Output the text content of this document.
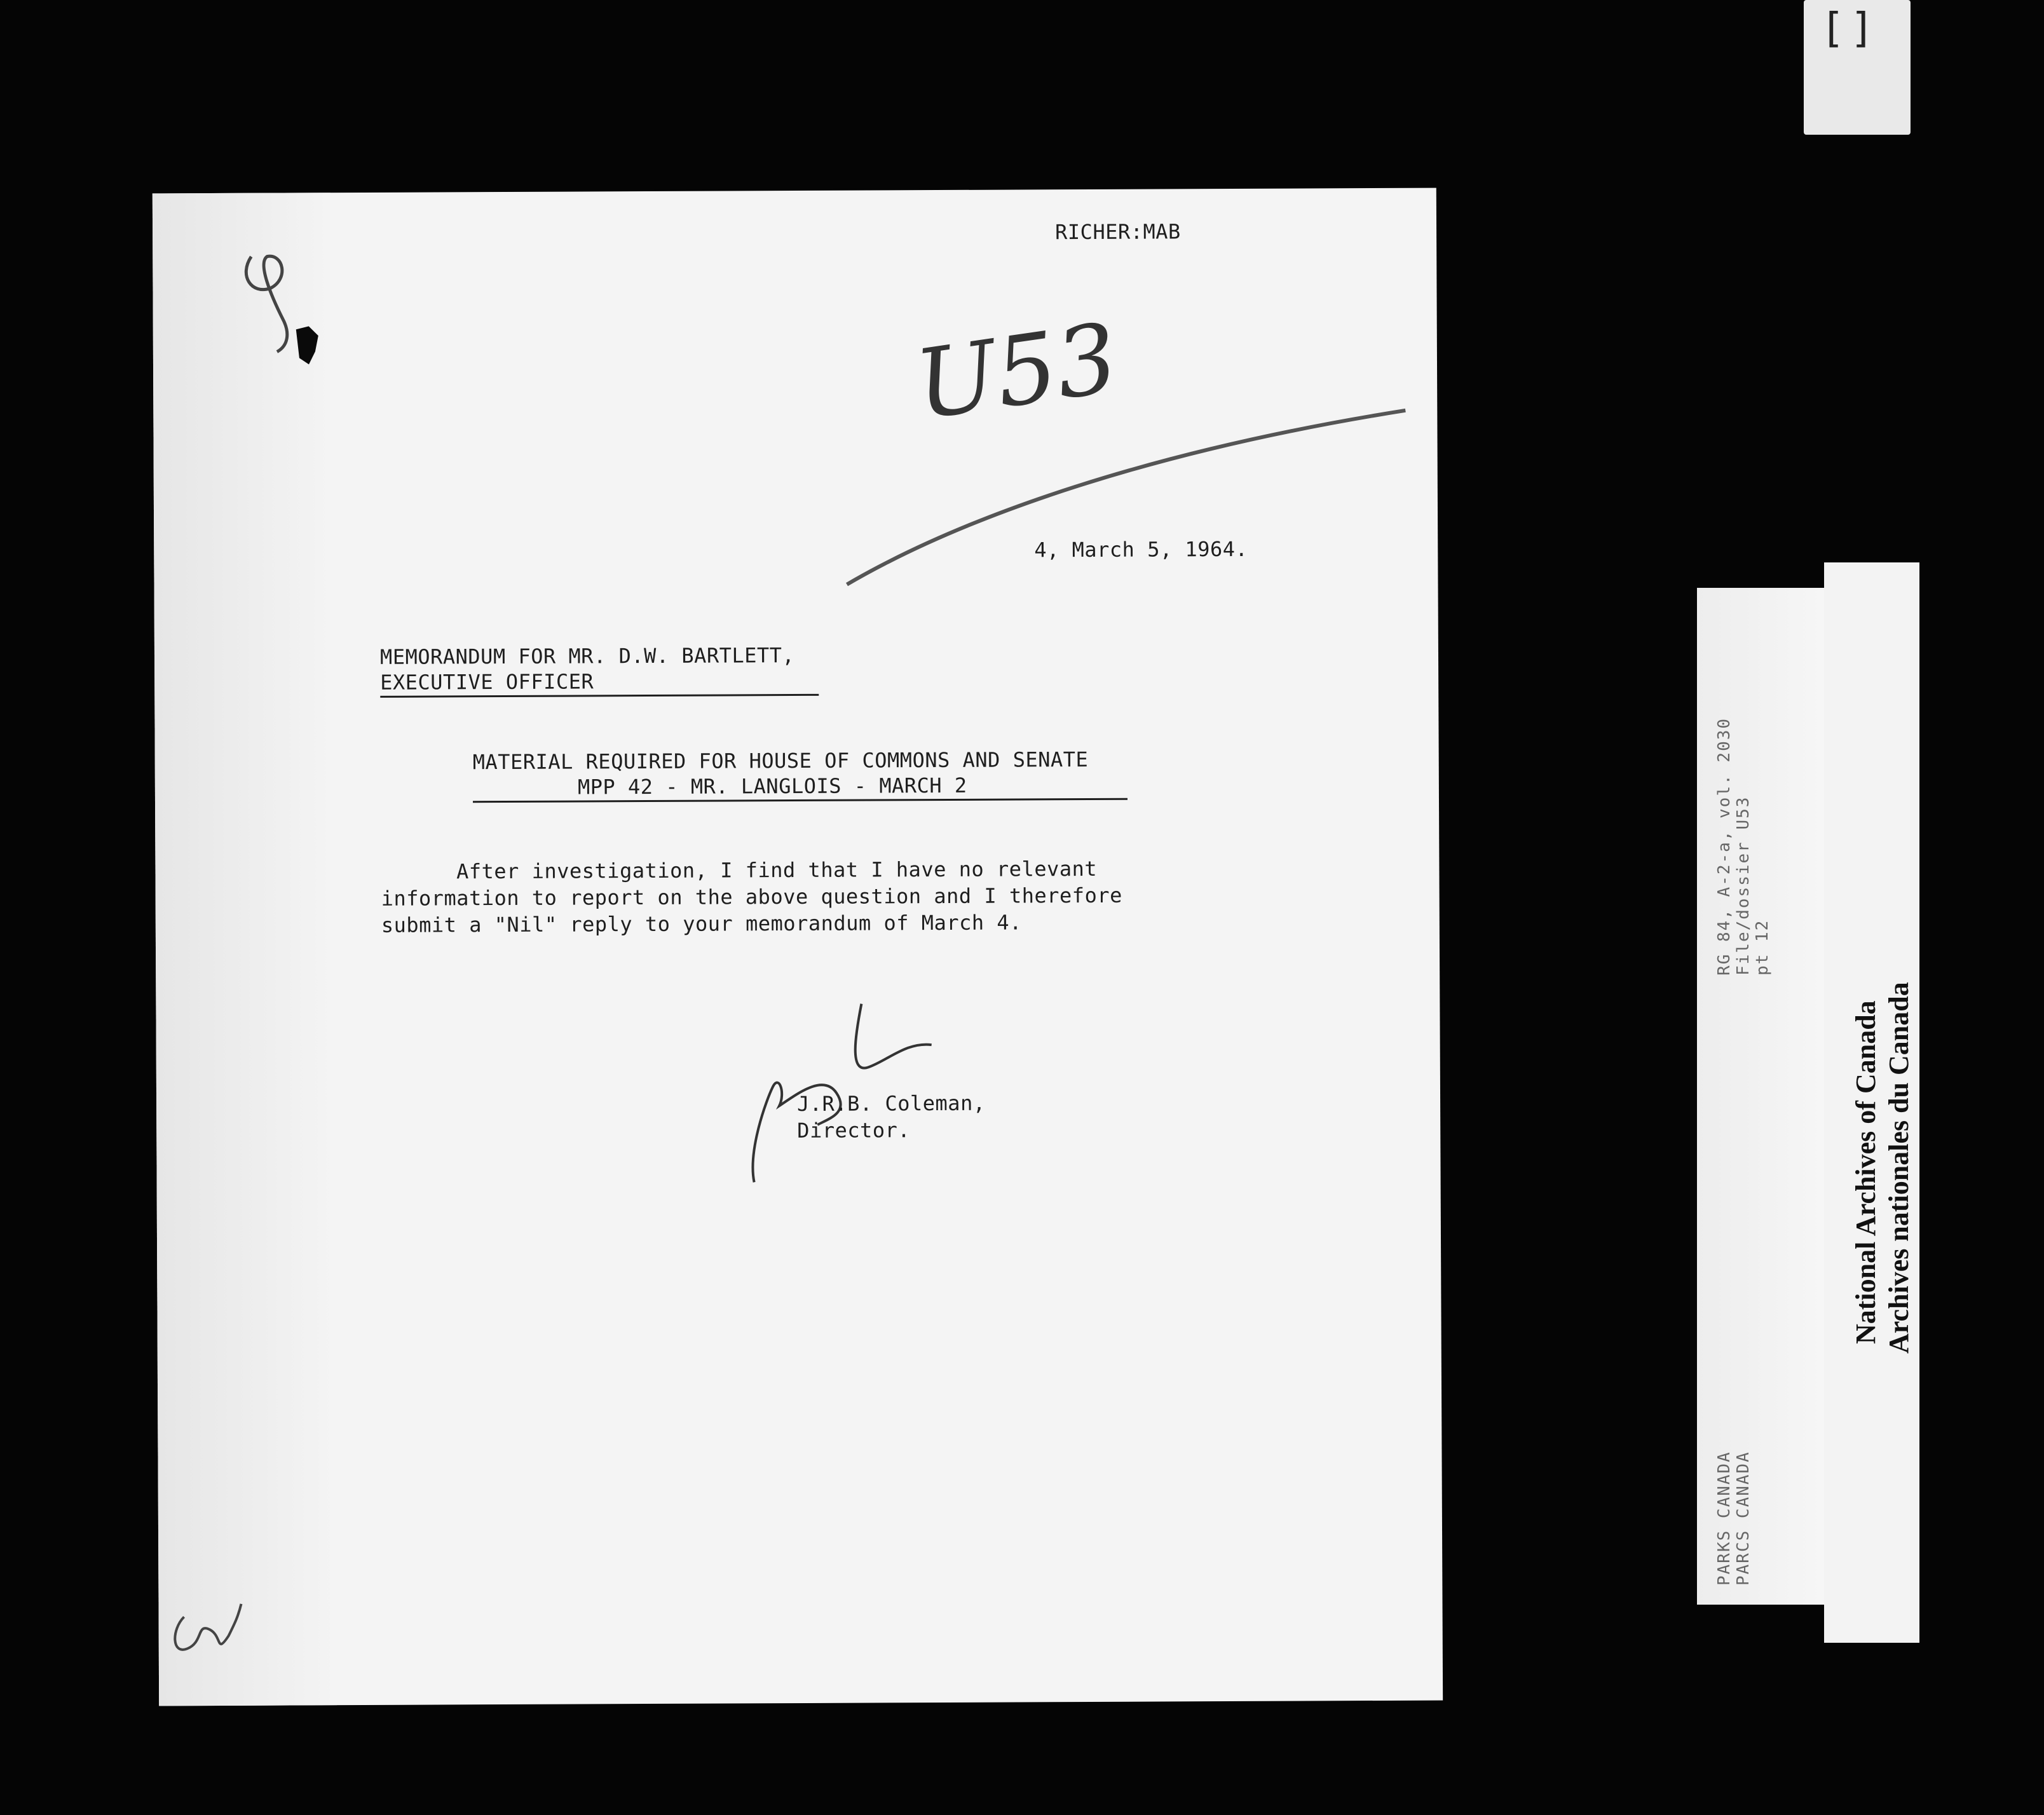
[]
RICHER:MAB
U53
4, March 5, 1964.
MEMORANDUM FOR MR. D.W. BARTLETT,
EXECUTIVE OFFICER
MATERIAL REQUIRED FOR HOUSE OF COMMONS AND SENATE
MPP 42 - MR. LANGLOIS - MARCH 2
After investigation, I find that I have no relevant
information to report on the above question and I therefore
submit a "Nil" reply to your memorandum of March 4.
J.R.B. Coleman,
Director.
RG 84, A-2-a, vol. 2030 File/dossier U53 pt 12
PARKS CANADA PARCS CANADA
National Archives of Canada Archives nationales du Canada
